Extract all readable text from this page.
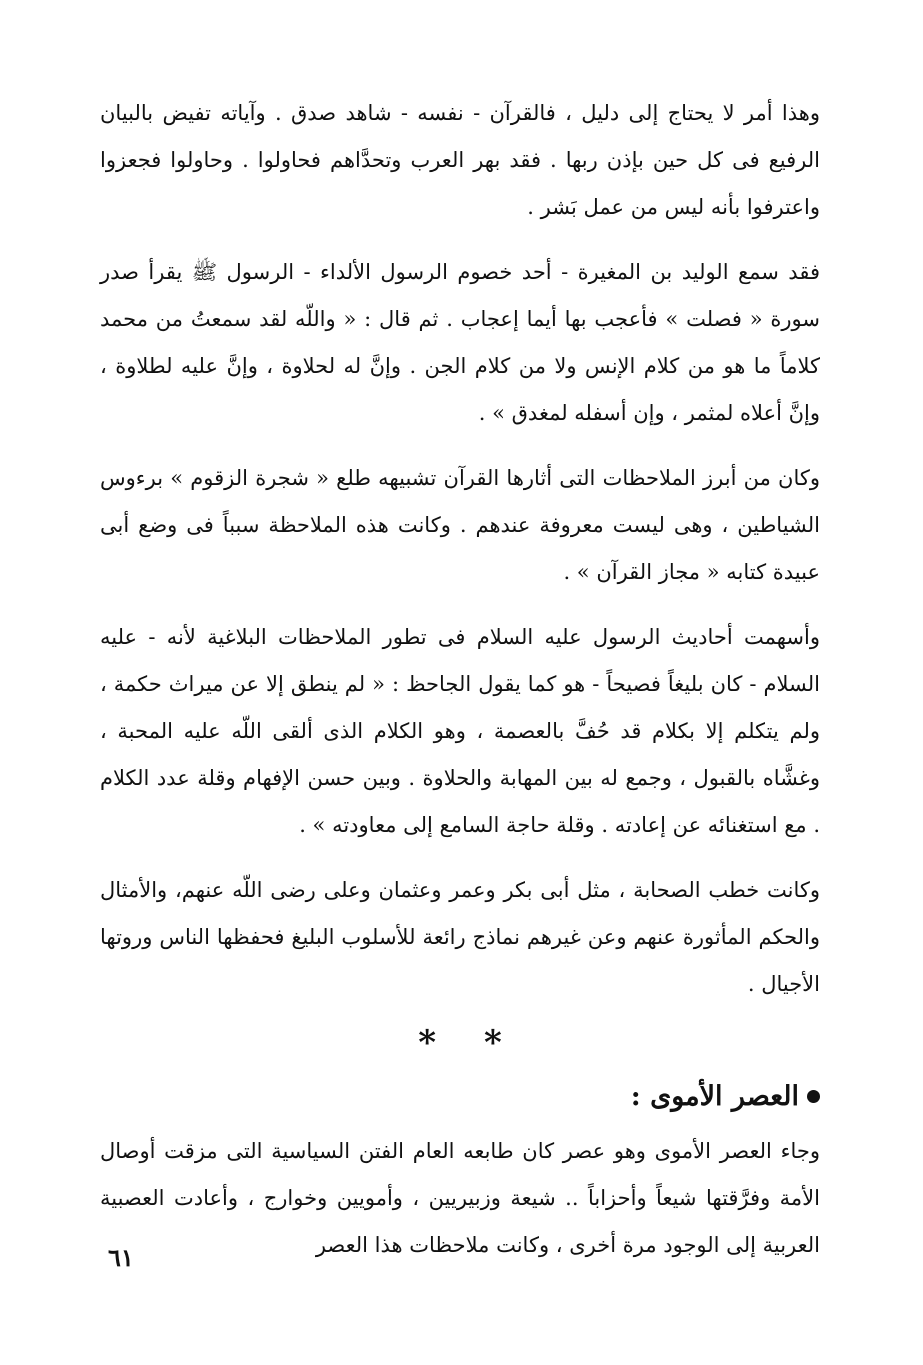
وهذا أمر لا يحتاج إلى دليل ، فالقرآن - نفسه - شاهد صدق . وآياته تفيض بالبيان الرفيع فى كل حين بإذن ربها . فقد بهر العرب وتحدَّاهم فحاولوا . وحاولوا فجعزوا واعترفوا بأنه ليس من عمل بَشر .

فقد سمع الوليد بن المغيرة - أحد خصوم الرسول الألداء - الرسول ﷺ يقرأ صدر سورة « فصلت » فأعجب بها أيما إعجاب . ثم قال : « واللّه لقد سمعتُ من محمد كلاماً ما هو من كلام الإنس ولا من كلام الجن . وإنَّ له لحلاوة ، وإنَّ عليه لطلاوة ، وإنَّ أعلاه لمثمر ، وإن أسفله لمغدق » .

وكان من أبرز الملاحظات التى أثارها القرآن تشبيهه طلع « شجرة الزقوم » برءوس الشياطين ، وهى ليست معروفة عندهم . وكانت هذه الملاحظة سبباً فى وضع أبى عبيدة كتابه « مجاز القرآن » .

وأسهمت أحاديث الرسول عليه السلام فى تطور الملاحظات البلاغية لأنه - عليه السلام - كان بليغاً فصيحاً - هو كما يقول الجاحظ : « لم ينطق إلا عن ميراث حكمة ، ولم يتكلم إلا بكلام قد حُفَّ بالعصمة ، وهو الكلام الذى ألقى اللّه عليه المحبة ، وغشَّاه بالقبول ، وجمع له بين المهابة والحلاوة . وبين حسن الإفهام وقلة عدد الكلام . مع استغنائه عن إعادته . وقلة حاجة السامع إلى معاودته » .

وكانت خطب الصحابة ، مثل أبى بكر وعمر وعثمان وعلى رضى اللّه عنهم، والأمثال والحكم المأثورة عنهم وعن غيرهم نماذج رائعة للأسلوب البليغ فحفظها الناس وروتها الأجيال .

* *
العصر الأموى :

وجاء العصر الأموى وهو عصر كان طابعه العام الفتن السياسية التى مزقت أوصال الأمة وفرَّقتها شيعاً وأحزاباً .. شيعة وزبيريين ، وأمويين وخوارج ، وأعادت العصبية العربية إلى الوجود مرة أخرى ، وكانت ملاحظات هذا العصر

٦١
